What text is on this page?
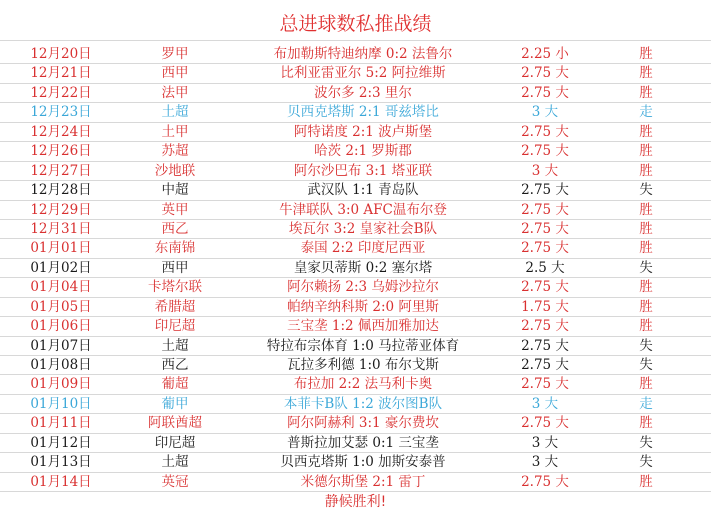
总进球数私推战绩
12月20日	罗甲	布加勒斯特迪纳摩 0:2 法鲁尔	2.25 小	胜
12月21日	西甲	比利亚雷亚尔 5:2 阿拉维斯	2.75 大	胜
12月22日	法甲	波尔多 2:3 里尔	2.75 大	胜
12月23日	土超	贝西克塔斯 2:1 哥兹塔比	3 大	走
12月24日	土甲	阿特诺度 2:1 波卢斯堡	2.75 大	胜
12月26日	苏超	哈茨 2:1 罗斯郡	2.75 大	胜
12月27日	沙地联	阿尔沙巴布 3:1 塔亚联	3 大	胜
12月28日	中超	武汉队 1:1 青岛队	2.75 大	失
12月29日	英甲	牛津联队 3:0 AFC温布尔登	2.75 大	胜
12月31日	西乙	埃瓦尔 3:2 皇家社会B队	2.75 大	胜
01月01日	东南锦	泰国 2:2 印度尼西亚	2.75 大	胜
01月02日	西甲	皇家贝蒂斯 0:2 塞尔塔	2.5 大	失
01月04日	卡塔尔联	阿尔赖扬 2:3 乌姆沙拉尔	2.75 大	胜
01月05日	希腊超	帕纳辛纳科斯 2:0 阿里斯	1.75 大	胜
01月06日	印尼超	三宝垄 1:2 佩西加雅加达	2.75 大	胜
01月07日	土超	特拉布宗体育 1:0 马拉蒂亚体育	2.75 大	失
01月08日	西乙	瓦拉多利德 1:0 布尔戈斯	2.75 大	失
01月09日	葡超	布拉加 2:2 法马利卡奥	2.75 大	胜
01月10日	葡甲	本菲卡B队 1:2 波尔图B队	3 大	走
01月11日	阿联酋超	阿尔阿赫利 3:1 豪尔费坎	2.75 大	胜
01月12日	印尼超	普斯拉加艾瑟 0:1 三宝垄	3 大	失
01月13日	土超	贝西克塔斯 1:0 加斯安泰普	3 大	失
01月14日	英冠	米德尔斯堡 2:1 雷丁	2.75 大	胜
静候胜利!
